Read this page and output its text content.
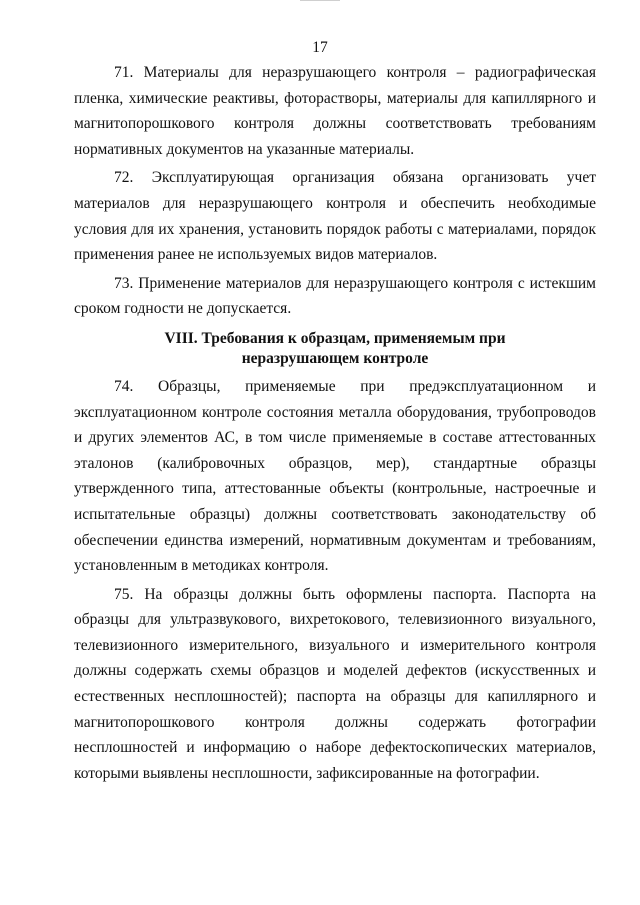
17

71. Материалы для неразрушающего контроля – радиографическая пленка, химические реактивы, фоторастворы, материалы для капиллярного и магнитопорошкового контроля должны соответствовать требованиям нормативных документов на указанные материалы.

72. Эксплуатирующая организация обязана организовать учет материалов для неразрушающего контроля и обеспечить необходимые условия для их хранения, установить порядок работы с материалами, порядок применения ранее не используемых видов материалов.

73. Применение материалов для неразрушающего контроля с истекшим сроком годности не допускается.

VIII. Требования к образцам, применяемым при
неразрушающем контроле

74. Образцы, применяемые при предэксплуатационном и эксплуатационном контроле состояния металла оборудования, трубопроводов и других элементов АС, в том числе применяемые в составе аттестованных эталонов (калибровочных образцов, мер), стандартные образцы утвержденного типа, аттестованные объекты (контрольные, настроечные и испытательные образцы) должны соответствовать законодательству об обеспечении единства измерений, нормативным документам и требованиям, установленным в методиках контроля.

75. На образцы должны быть оформлены паспорта. Паспорта на образцы для ультразвукового, вихретокового, телевизионного визуального, телевизионного измерительного, визуального и измерительного контроля должны содержать схемы образцов и моделей дефектов (искусственных и естественных несплошностей); паспорта на образцы для капиллярного и магнитопорошкового контроля должны содержать фотографии несплошностей и информацию о наборе дефектоскопических материалов, которыми выявлены несплошности, зафиксированные на фотографии.
